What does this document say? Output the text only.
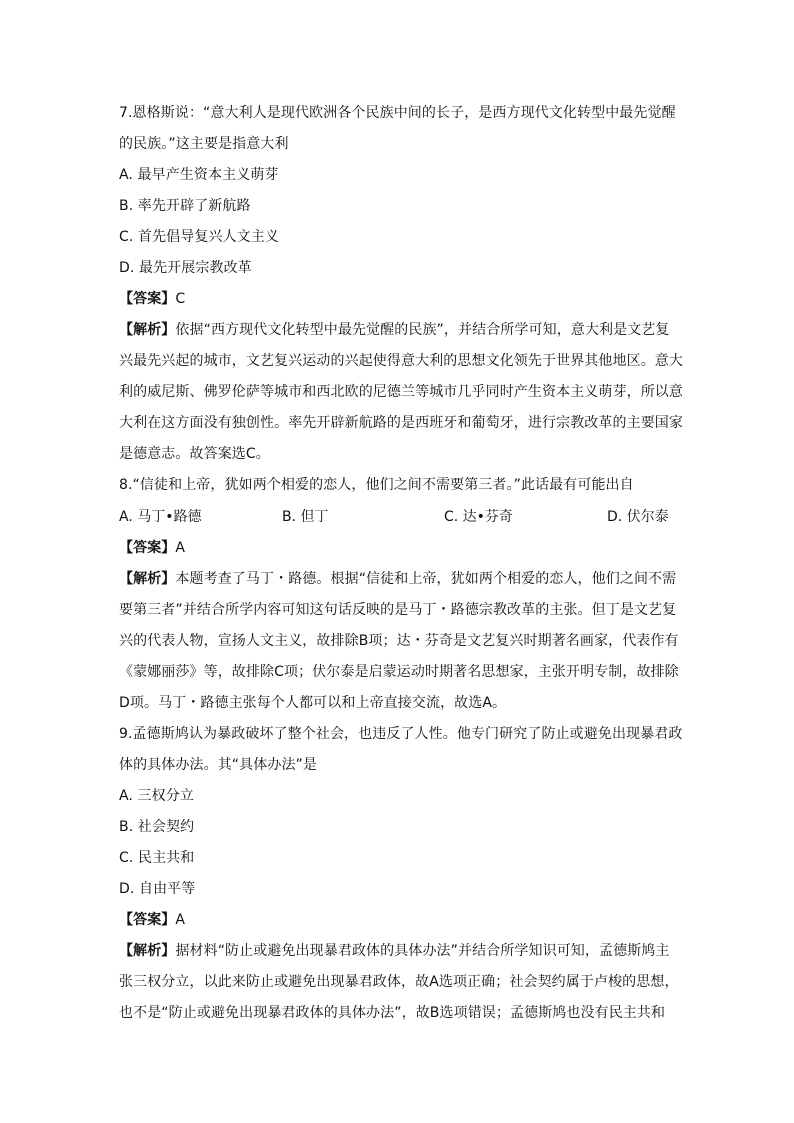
7.恩格斯说：“意大利人是现代欧洲各个民族中间的长子，是西方现代文化转型中最先觉醒
的民族。”这主要是指意大利
A. 最早产生资本主义萌芽
B. 率先开辟了新航路
C. 首先倡导复兴人文主义
D. 最先开展宗教改革
【答案】C
【解析】依据“西方现代文化转型中最先觉醒的民族”，并结合所学可知，意大利是文艺复
兴最先兴起的城市，文艺复兴运动的兴起使得意大利的思想文化领先于世界其他地区。意大
利的威尼斯、佛罗伦萨等城市和西北欧的尼德兰等城市几乎同时产生资本主义萌芽，所以意
大利在这方面没有独创性。率先开辟新航路的是西班牙和葡萄牙，进行宗教改革的主要国家
是德意志。故答案选C。
8.“信徒和上帝，犹如两个相爱的恋人，他们之间不需要第三者。”此话最有可能出自
A. 马丁•路德	B. 但丁	C. 达•芬奇	D. 伏尔泰
【答案】A
【解析】本题考查了马丁・路德。根据“信徒和上帝，犹如两个相爱的恋人，他们之间不需
要第三者”并结合所学内容可知这句话反映的是马丁・路德宗教改革的主张。但丁是文艺复
兴的代表人物，宣扬人文主义，故排除B项；达・芬奇是文艺复兴时期著名画家，代表作有
《蒙娜丽莎》等，故排除C项；伏尔泰是启蒙运动时期著名思想家，主张开明专制，故排除
D项。马丁・路德主张每个人都可以和上帝直接交流，故选A。
9.孟德斯鸠认为暴政破坏了整个社会，也违反了人性。他专门研究了防止或避免出现暴君政
体的具体办法。其“具体办法”是
A. 三权分立
B. 社会契约
C. 民主共和
D. 自由平等
【答案】A
【解析】据材料“防止或避免出现暴君政体的具体办法”并结合所学知识可知，孟德斯鸠主
张三权分立，以此来防止或避免出现暴君政体，故A选项正确；社会契约属于卢梭的思想，
也不是“防止或避免出现暴君政体的具体办法”，故B选项错误；孟德斯鸠也没有民主共和
